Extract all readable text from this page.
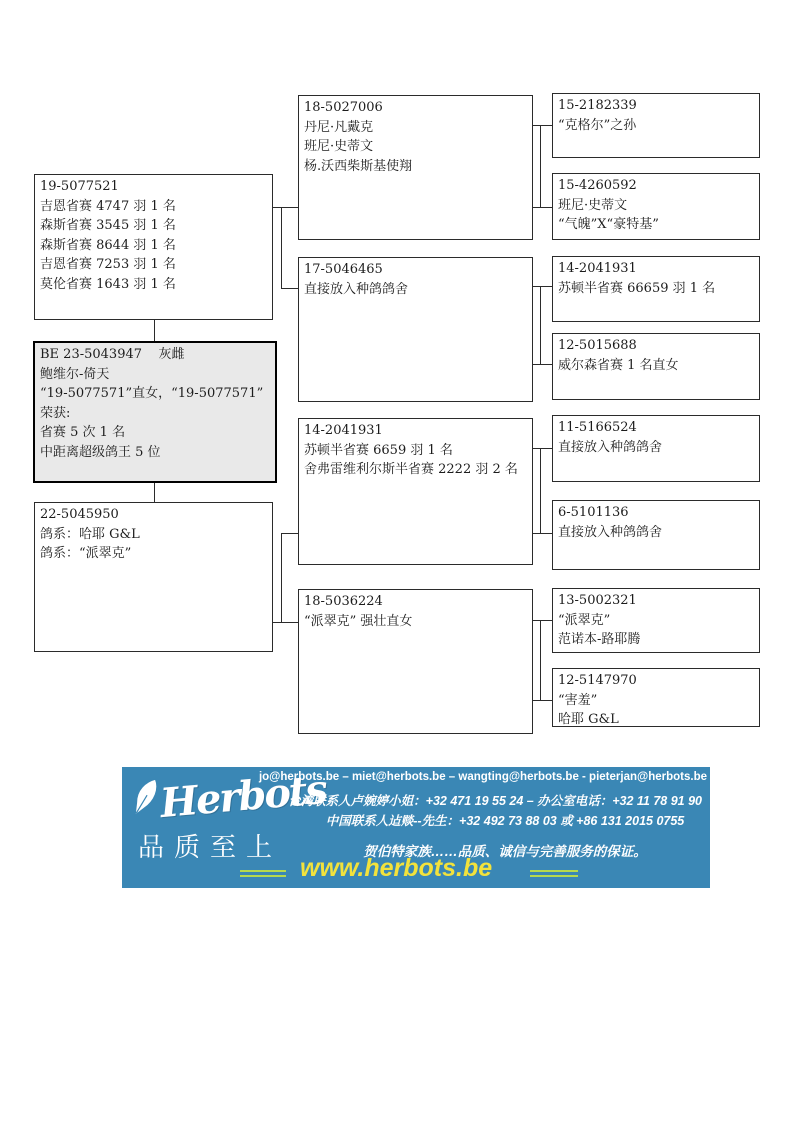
19-5077521
吉恩省赛 4747 羽 1 名
森斯省赛 3545 羽 1 名
森斯省赛 8644 羽 1 名
吉恩省赛 7253 羽 1 名
莫伦省赛 1643 羽 1 名
BE 23-5043947    灰雌
鲍维尔-倚天
“19-5077571”直女，“19-5077571”
荣获:
省赛 5 次 1 名
中距离超级鸽王 5 位
22-5045950
鸽系：哈耶 G&L
鸽系：“派翠克”
18-5027006
丹尼·凡戴克
班尼·史蒂文
杨.沃西柴斯基使翔
17-5046465
直接放入种鸽鸽舍
14-2041931
苏顿半省赛 6659 羽 1 名
舍弗雷维利尔斯半省赛 2222 羽 2 名
18-5036224
“派翠克” 强壮直女
15-2182339
“克格尔”之孙
15-4260592
班尼·史蒂文
“气魄”X“豪特基”
14-2041931
苏顿半省赛 66659 羽 1 名
12-5015688
威尔森省赛 1 名直女
11-5166524
直接放入种鸽鸽舍
6-5101136
直接放入种鸽鸽舍
13-5002321
“派翠克”
范诺本-路耶腾
12-5147970
“害羞”
哈耶 G&L
Herbots
品质至上
jo@herbots.be – miet@herbots.be – wangting@herbots.be - pieterjan@herbots.be
台湾联系人卢婉婷小姐：+32 471 19 55 24 – 办公室电话：+32 11 78 91 90
中国联系人迠赕--先生：+32 492 73 88 03 或 +86 131 2015 0755
贺伯特家族……品质、诚信与完善服务的保证。
www.herbots.be
